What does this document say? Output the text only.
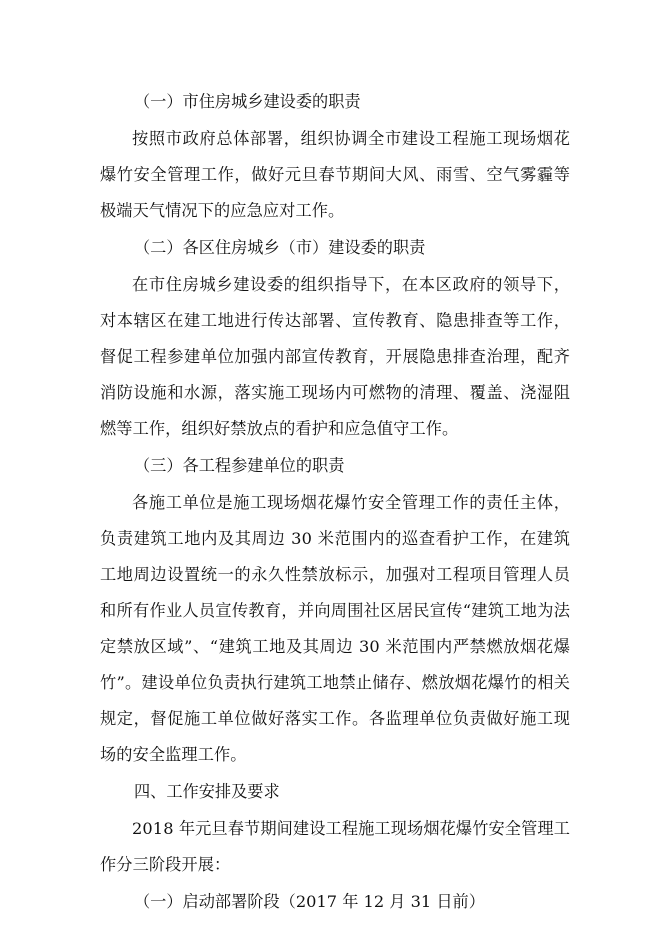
（一）市住房城乡建设委的职责
按照市政府总体部署，组织协调全市建设工程施工现场烟花爆竹安全管理工作，做好元旦春节期间大风、雨雪、空气雾霾等极端天气情况下的应急应对工作。
（二）各区住房城乡（市）建设委的职责
在市住房城乡建设委的组织指导下，在本区政府的领导下，对本辖区在建工地进行传达部署、宣传教育、隐患排查等工作，督促工程参建单位加强内部宣传教育，开展隐患排查治理，配齐消防设施和水源，落实施工现场内可燃物的清理、覆盖、浇湿阻燃等工作，组织好禁放点的看护和应急值守工作。
（三）各工程参建单位的职责
各施工单位是施工现场烟花爆竹安全管理工作的责任主体，负责建筑工地内及其周边 30 米范围内的巡查看护工作，在建筑工地周边设置统一的永久性禁放标示，加强对工程项目管理人员和所有作业人员宣传教育，并向周围社区居民宣传“建筑工地为法定禁放区域”、“建筑工地及其周边 30 米范围内严禁燃放烟花爆竹”。建设单位负责执行建筑工地禁止储存、燃放烟花爆竹的相关规定，督促施工单位做好落实工作。各监理单位负责做好施工现场的安全监理工作。
四、工作安排及要求
2018 年元旦春节期间建设工程施工现场烟花爆竹安全管理工作分三阶段开展：
（一）启动部署阶段（2017 年 12 月 31 日前）
